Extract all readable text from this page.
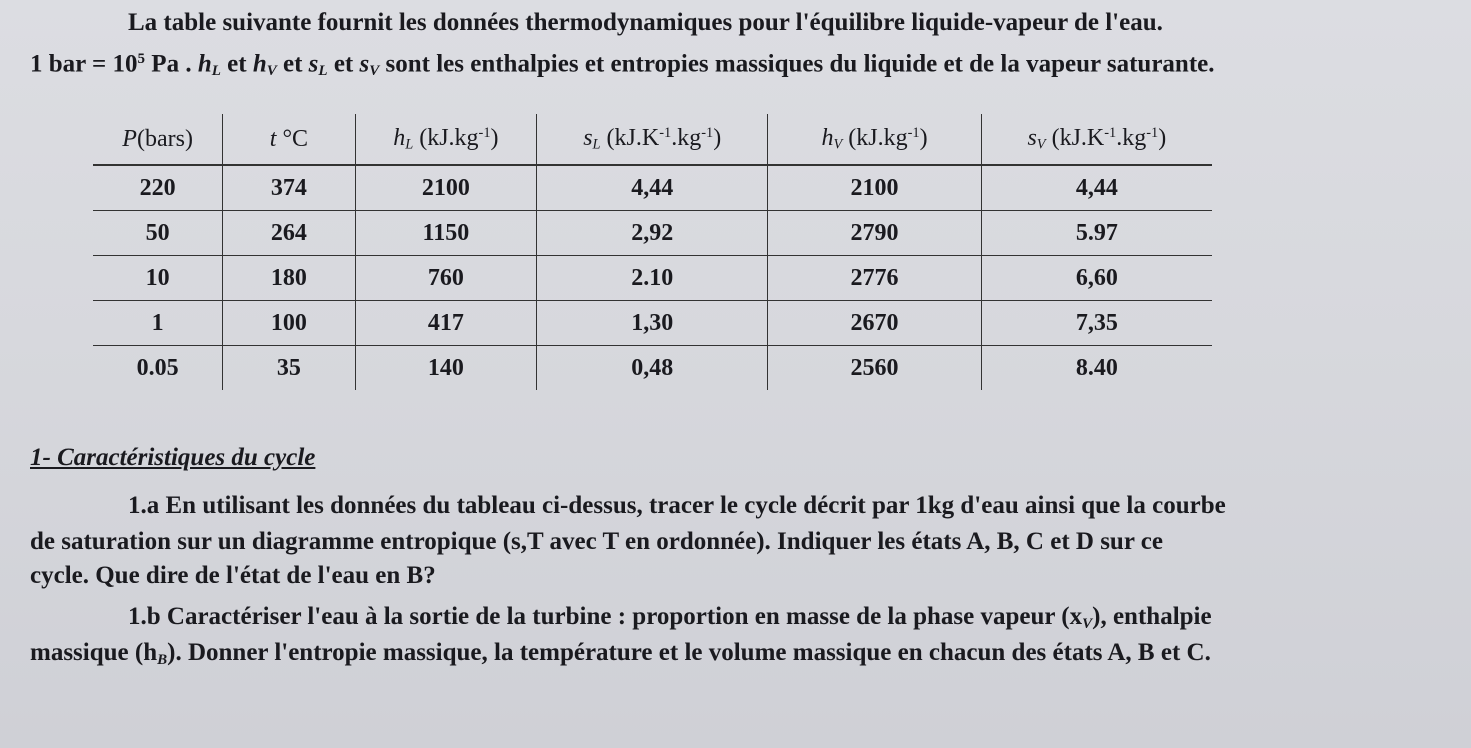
La table suivante fournit les données thermodynamiques pour l'équilibre liquide-vapeur de l'eau.
1 bar = $10^5$ Pa . $h_L$ et $h_V$ et $s_L$ et $s_V$ sont les enthalpies et entropies massiques du liquide et de la vapeur saturante.
P(bars)	t °C	$h_L$ $(kJ.kg^{-1})$	$s_L$ $(kJ.K^{-1}.kg^{-1})$	$h_V$ $(kJ.kg^{-1})$	$s_V$ $(kJ.K^{-1}.kg^{-1})$
220	374	2100	4,44	2100	4,44
50	264	1150	2,92	2790	5.97
10	180	760	2.10	2776	6,60
1	100	417	1,30	2670	7,35
0.05	35	140	0,48	2560	8.40
1- Caractéristiques du cycle
1.a En utilisant les données du tableau ci-dessus, tracer le cycle décrit par 1kg d'eau ainsi que la courbe
de saturation sur un diagramme entropique (s,T avec T en ordonnée). Indiquer les états A, B, C et D sur ce
cycle. Que dire de l'état de l'eau en B?
1.b Caractériser l'eau à la sortie de la turbine : proportion en masse de la phase vapeur $(x_V)$, enthalpie
massique $(h_B)$. Donner l'entropie massique, la température et le volume massique en chacun des états A, B et C.
